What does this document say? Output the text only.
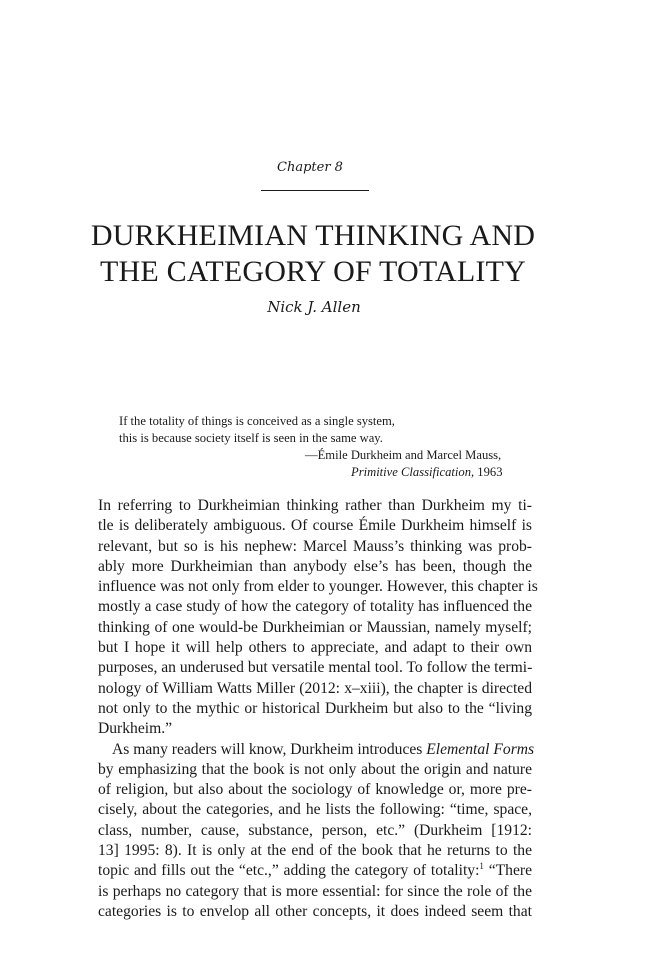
Chapter 8
DURKHEIMIAN THINKING AND
THE CATEGORY OF TOTALITY
Nick J. Allen
If the totality of things is conceived as a single system,
this is because society itself is seen in the same way.
—Émile Durkheim and Marcel Mauss,
Primitive Classification, 1963
In referring to Durkheimian thinking rather than Durkheim my ti-
tle is deliberately ambiguous. Of course Émile Durkheim himself is
relevant, but so is his nephew: Marcel Mauss’s thinking was prob-
ably more Durkheimian than anybody else’s has been, though the
influence was not only from elder to younger. However, this chapter is
mostly a case study of how the category of totality has influenced the
thinking of one would-be Durkheimian or Maussian, namely myself;
but I hope it will help others to appreciate, and adapt to their own
purposes, an underused but versatile mental tool. To follow the termi-
nology of William Watts Miller (2012: x–xiii), the chapter is directed
not only to the mythic or historical Durkheim but also to the “living
Durkheim.”
As many readers will know, Durkheim introduces Elemental Forms
by emphasizing that the book is not only about the origin and nature
of religion, but also about the sociology of knowledge or, more pre-
cisely, about the categories, and he lists the following: “time, space,
class, number, cause, substance, person, etc.” (Durkheim [1912:
13] 1995: 8). It is only at the end of the book that he returns to the
topic and fills out the “etc.,” adding the category of totality:$^1$ “There
is perhaps no category that is more essential: for since the role of the
categories is to envelop all other concepts, it does indeed seem that
